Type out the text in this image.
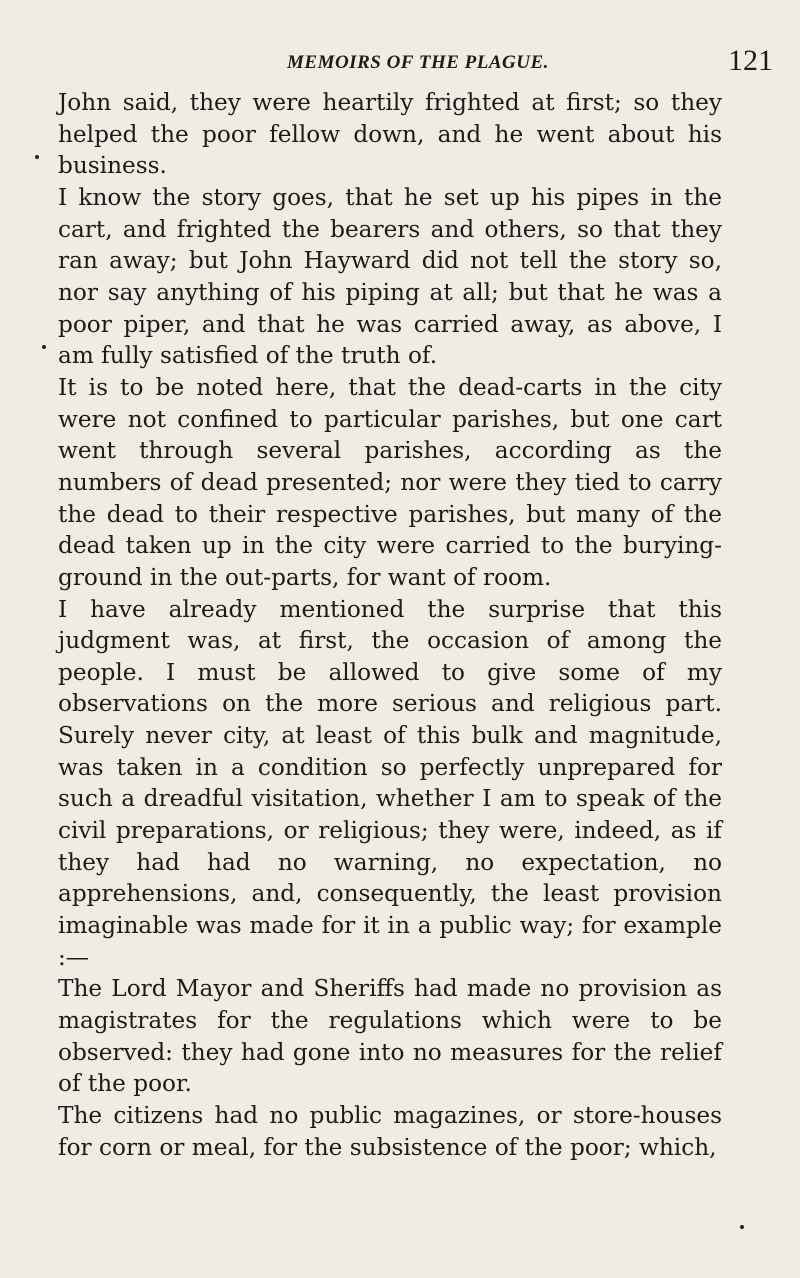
MEMOIRS OF THE PLAGUE.	121

John said, they were heartily frighted at first; so they helped the poor fellow down, and he went about his business.

I know the story goes, that he set up his pipes in the cart, and frighted the bearers and others, so that they ran away; but John Hayward did not tell the story so, nor say anything of his piping at all; but that he was a poor piper, and that he was carried away, as above, I am fully satisfied of the truth of.

It is to be noted here, that the dead-carts in the city were not confined to particular parishes, but one cart went through several parishes, according as the numbers of dead presented; nor were they tied to carry the dead to their respective parishes, but many of the dead taken up in the city were carried to the burying-ground in the out-parts, for want of room.

I have already mentioned the surprise that this judgment was, at first, the occasion of among the people. I must be allowed to give some of my observations on the more serious and religious part. Surely never city, at least of this bulk and magnitude, was taken in a condition so perfectly unprepared for such a dreadful visitation, whether I am to speak of the civil preparations, or religious; they were, indeed, as if they had had no warning, no expectation, no apprehensions, and, consequently, the least provision imaginable was made for it in a public way; for example :—

The Lord Mayor and Sheriffs had made no provision as magistrates for the regulations which were to be observed: they had gone into no measures for the relief of the poor.

The citizens had no public magazines, or store-houses for corn or meal, for the subsistence of the poor; which,
